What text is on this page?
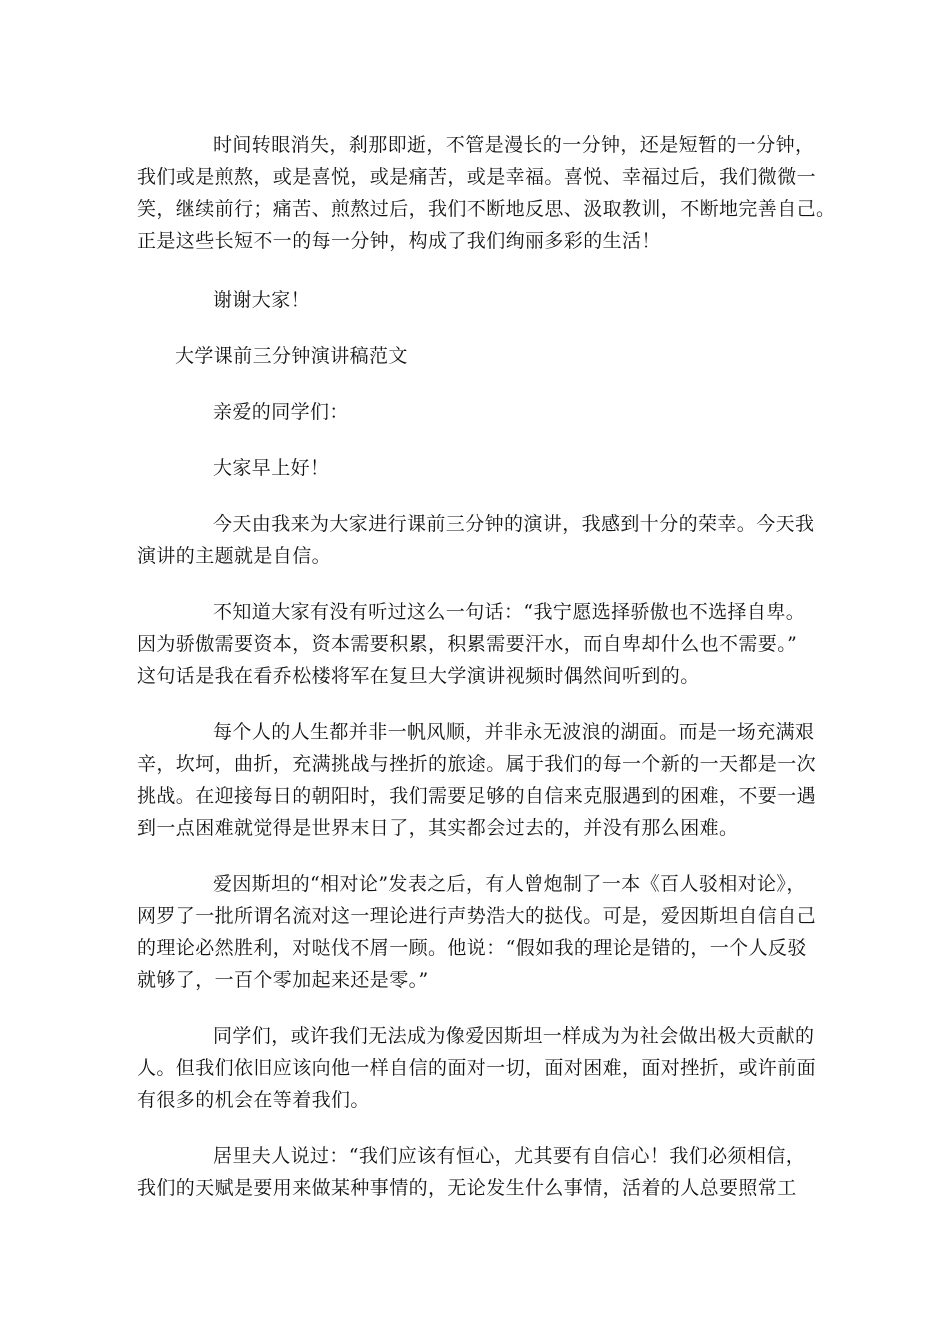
时间转眼消失，刹那即逝，不管是漫长的一分钟，还是短暂的一分钟，
我们或是煎熬，或是喜悦，或是痛苦，或是幸福。喜悦、幸福过后，我们微微一
笑，继续前行；痛苦、煎熬过后，我们不断地反思、汲取教训，不断地完善自己。
正是这些长短不一的每一分钟，构成了我们绚丽多彩的生活！
谢谢大家！
大学课前三分钟演讲稿范文
亲爱的同学们：
大家早上好！
今天由我来为大家进行课前三分钟的演讲，我感到十分的荣幸。今天我
演讲的主题就是自信。
不知道大家有没有听过这么一句话：“我宁愿选择骄傲也不选择自卑。
因为骄傲需要资本，资本需要积累，积累需要汗水，而自卑却什么也不需要。”
这句话是我在看乔松楼将军在复旦大学演讲视频时偶然间听到的。
每个人的人生都并非一帆风顺，并非永无波浪的湖面。而是一场充满艰
辛，坎坷，曲折，充满挑战与挫折的旅途。属于我们的每一个新的一天都是一次
挑战。在迎接每日的朝阳时，我们需要足够的自信来克服遇到的困难，不要一遇
到一点困难就觉得是世界末日了，其实都会过去的，并没有那么困难。
爱因斯坦的“相对论”发表之后，有人曾炮制了一本《百人驳相对论》，
网罗了一批所谓名流对这一理论进行声势浩大的挞伐。可是，爱因斯坦自信自己
的理论必然胜利，对哒伐不屑一顾。他说：“假如我的理论是错的，一个人反驳
就够了，一百个零加起来还是零。”
同学们，或许我们无法成为像爱因斯坦一样成为为社会做出极大贡献的
人。但我们依旧应该向他一样自信的面对一切，面对困难，面对挫折，或许前面
有很多的机会在等着我们。
居里夫人说过：“我们应该有恒心，尤其要有自信心！我们必须相信，
我们的天赋是要用来做某种事情的，无论发生什么事情，活着的人总要照常工
